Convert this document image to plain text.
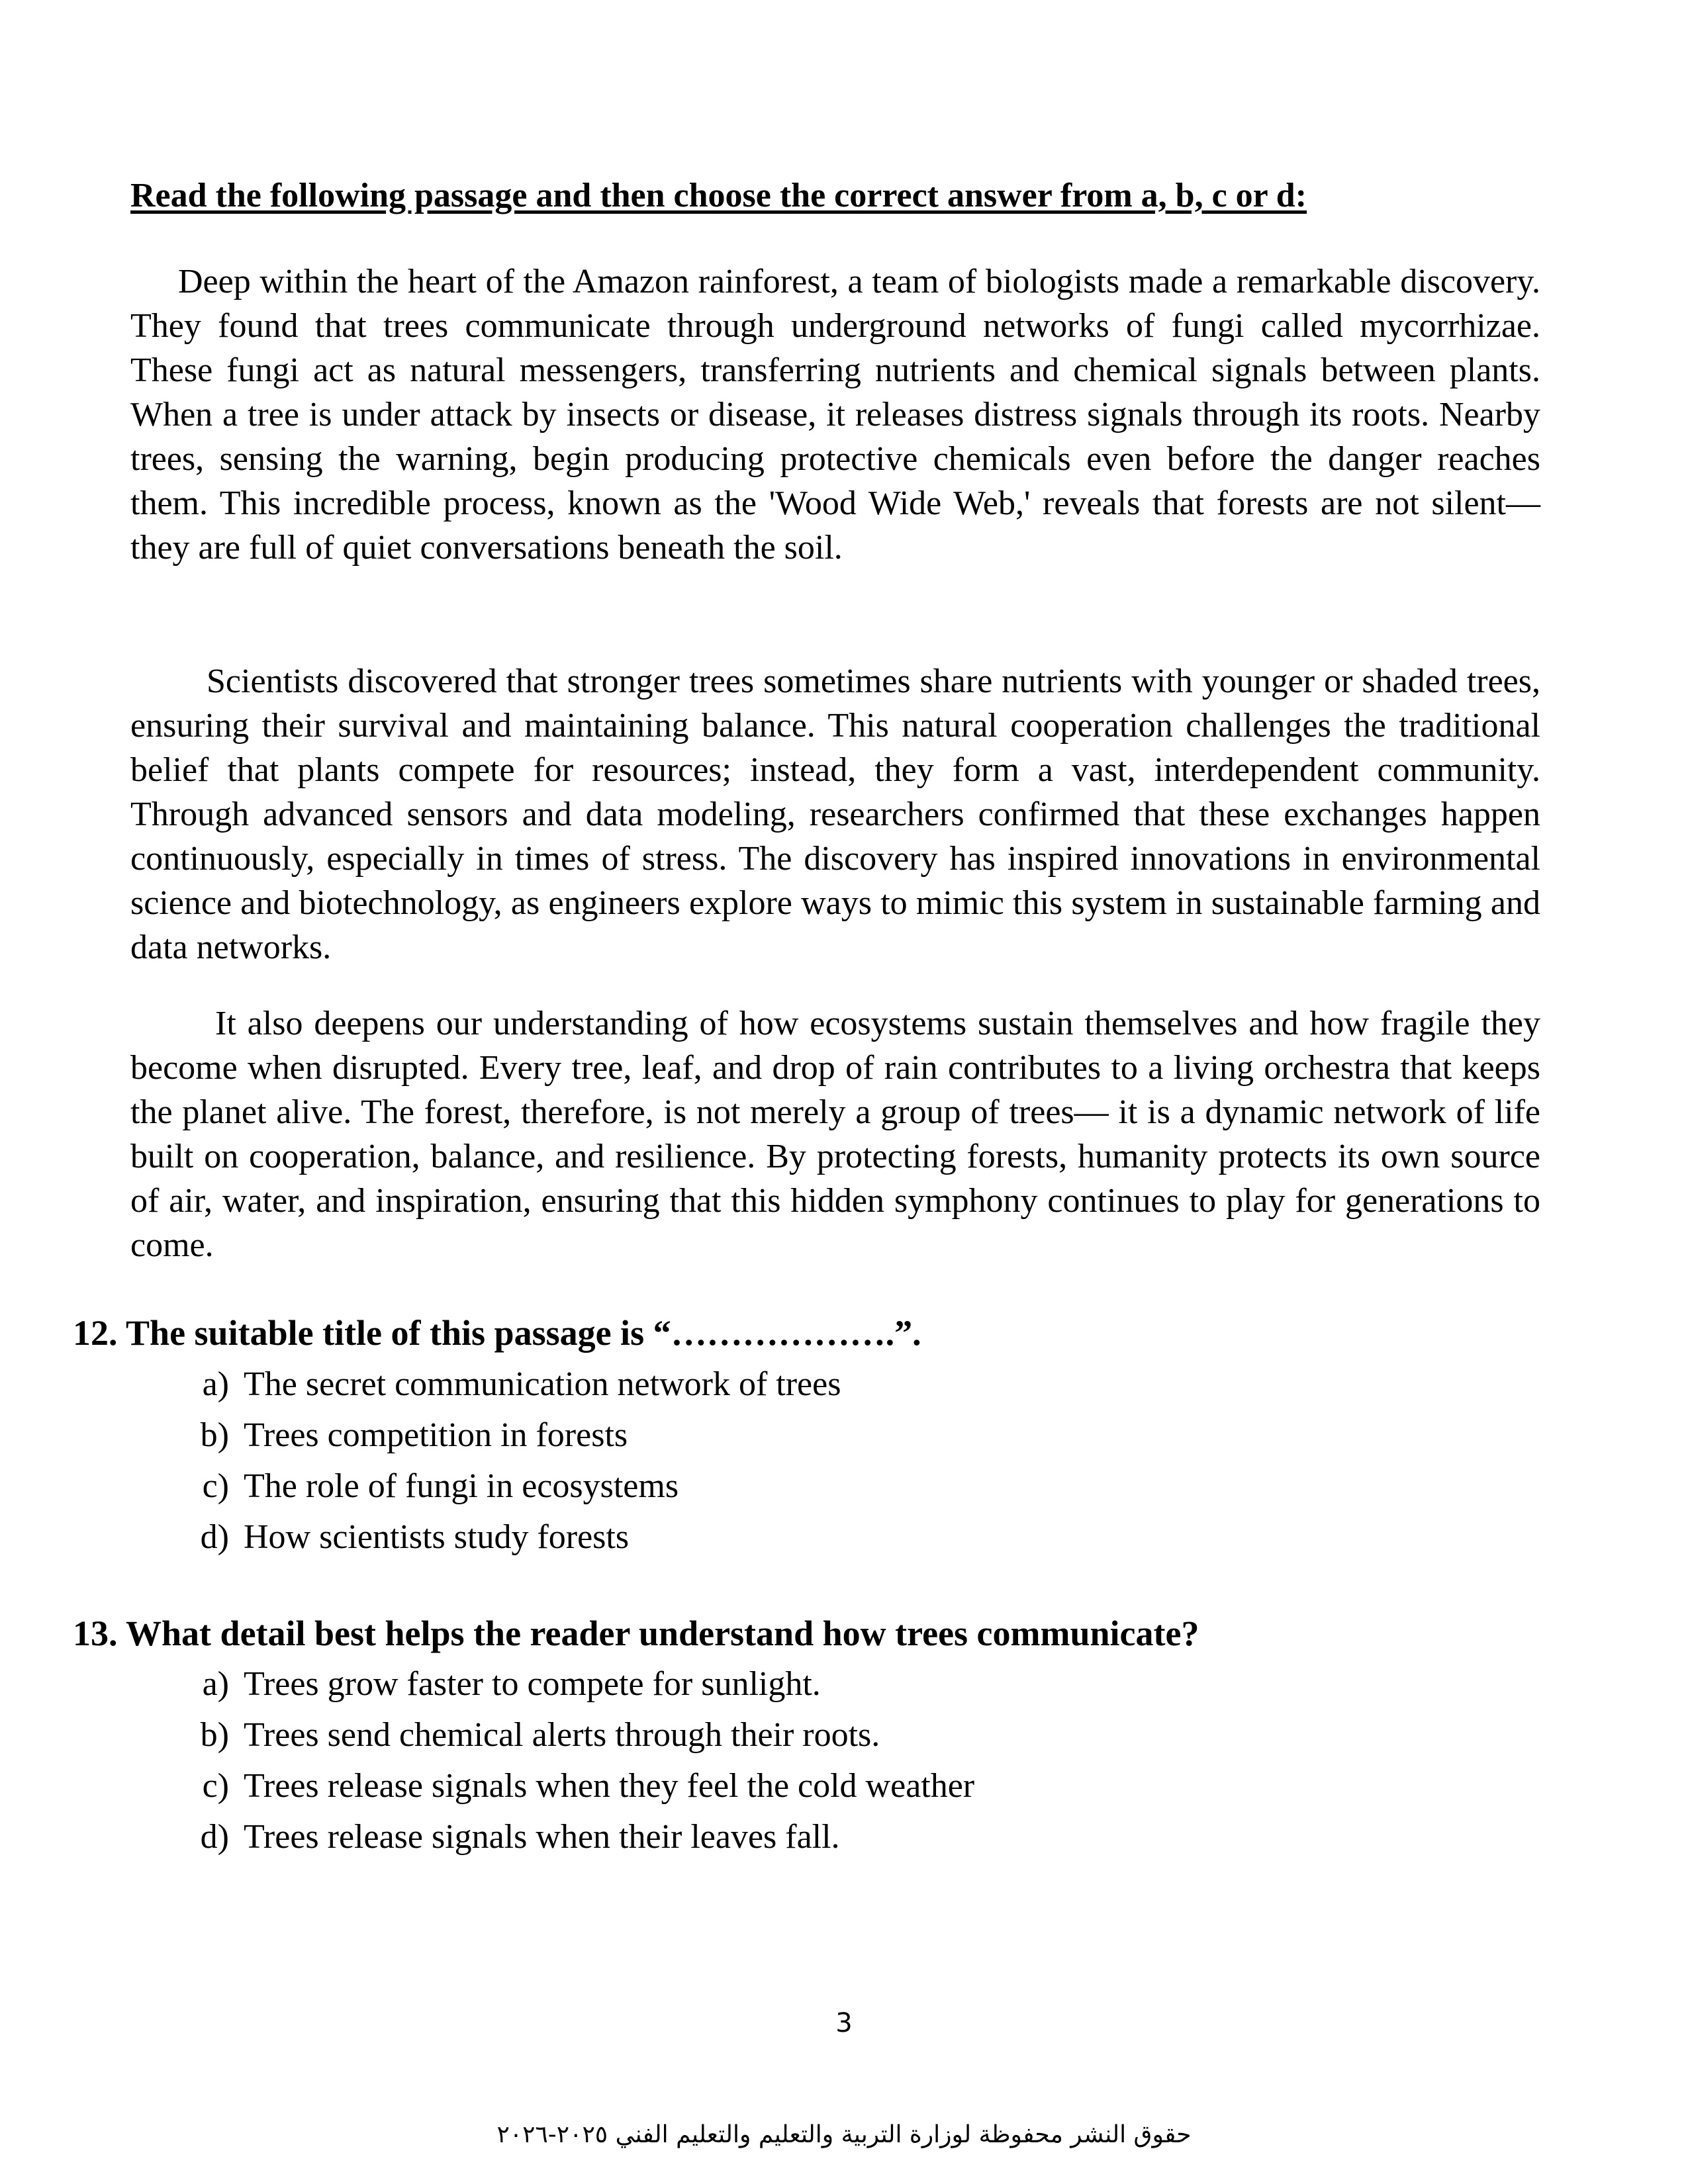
Read the following passage and then choose the correct answer from a, b, c or d:

Deep within the heart of the Amazon rainforest, a team of biologists made a remarkable discovery. They found that trees communicate through underground networks of fungi called mycorrhizae. These fungi act as natural messengers, transferring nutrients and chemical signals between plants. When a tree is under attack by insects or disease, it releases distress signals through its roots. Nearby trees, sensing the warning, begin producing protective chemicals even before the danger reaches them. This incredible process, known as the 'Wood Wide Web,' reveals that forests are not silent—they are full of quiet conversations beneath the soil.

Scientists discovered that stronger trees sometimes share nutrients with younger or shaded trees, ensuring their survival and maintaining balance. This natural cooperation challenges the traditional belief that plants compete for resources; instead, they form a vast, interdependent community. Through advanced sensors and data modeling, researchers confirmed that these exchanges happen continuously, especially in times of stress. The discovery has inspired innovations in environmental science and biotechnology, as engineers explore ways to mimic this system in sustainable farming and data networks.

It also deepens our understanding of how ecosystems sustain themselves and how fragile they become when disrupted. Every tree, leaf, and drop of rain contributes to a living orchestra that keeps the planet alive. The forest, therefore, is not merely a group of trees— it is a dynamic network of life built on cooperation, balance, and resilience. By protecting forests, humanity protects its own source of air, water, and inspiration, ensuring that this hidden symphony continues to play for generations to come.

12. The suitable title of this passage is “……………….”.
a) The secret communication network of trees
b) Trees competition in forests
c) The role of fungi in ecosystems
d) How scientists study forests
13. What detail best helps the reader understand how trees communicate?
a) Trees grow faster to compete for sunlight.
b) Trees send chemical alerts through their roots.
c) Trees release signals when they feel the cold weather
d) Trees release signals when their leaves fall.
3
حقوق النشر محفوظة لوزارة التربية والتعليم والتعليم الفني ٢٠٢٥-٢٠٢٦
